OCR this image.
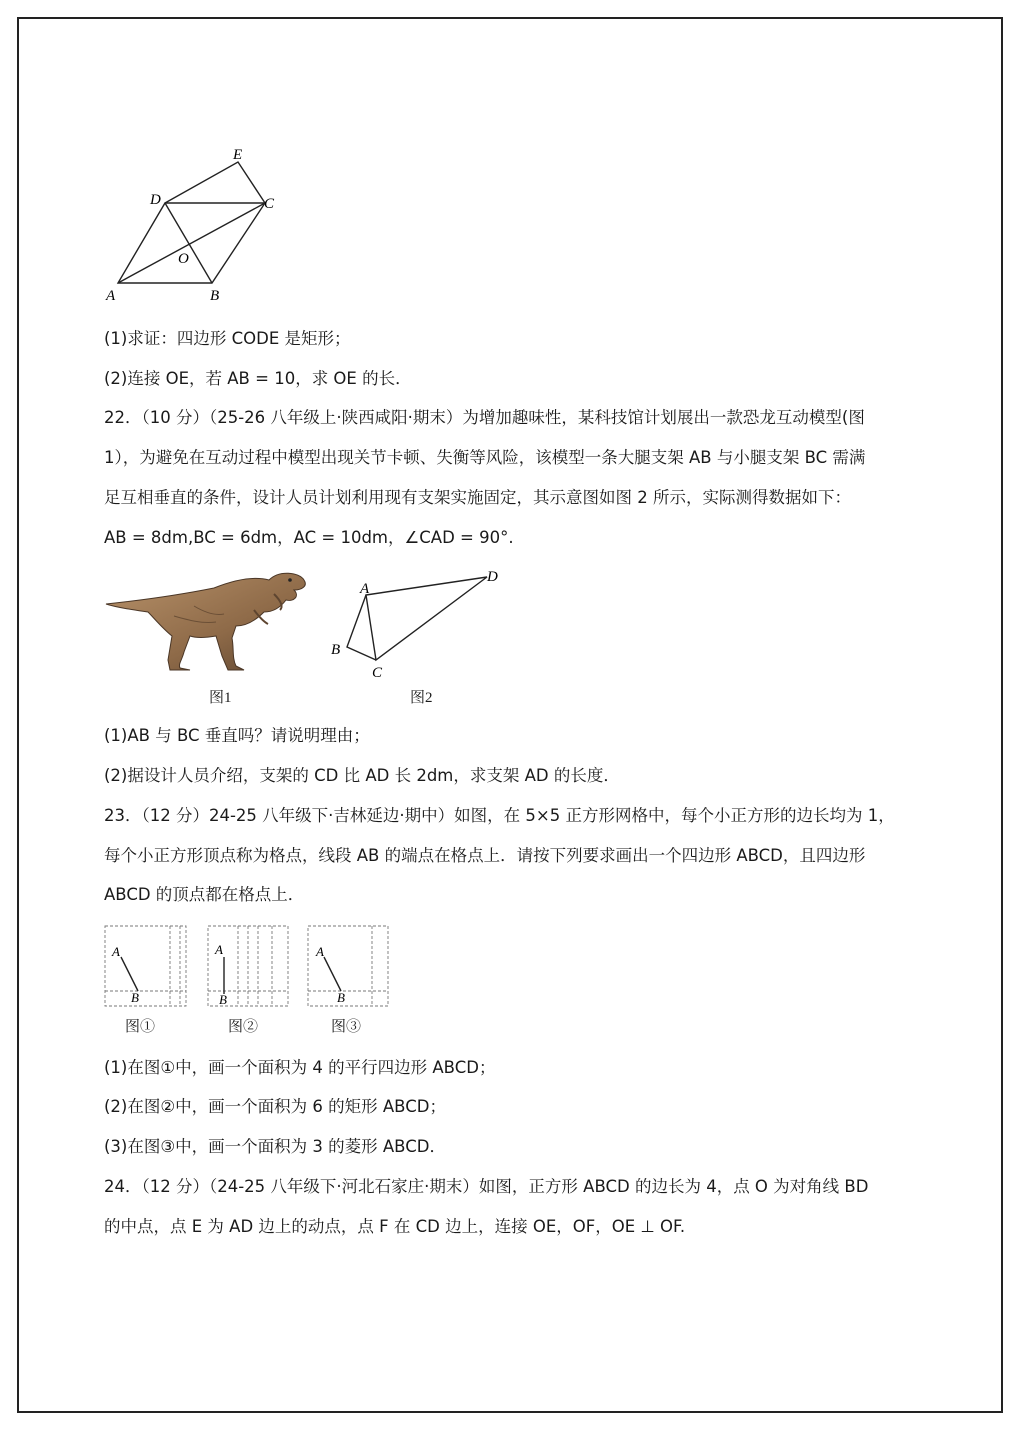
E
D	C
O
A	B
(1)求证：四边形 CODE 是矩形；
(2)连接 OE，若 AB = 10，求 OE 的长．
22．（10 分）（25-26 八年级上·陕西咸阳·期末）为增加趣味性，某科技馆计划展出一款恐龙互动模型(图
1），为避免在互动过程中模型出现关节卡顿、失衡等风险，该模型一条大腿支架 AB 与小腿支架 BC 需满
足互相垂直的条件，设计人员计划利用现有支架实施固定，其示意图如图 2 所示，实际测得数据如下：
AB = 8dm,BC = 6dm，AC = 10dm，∠CAD = 90°.
图1
A
D
B
C
图2
(1)AB 与 BC 垂直吗？请说明理由；
(2)据设计人员介绍，支架的 CD 比 AD 长 2dm，求支架 AD 的长度．
23．（12 分）24-25 八年级下·吉林延边·期中）如图，在 5×5 正方形网格中，每个小正方形的边长均为 1，
每个小正方形顶点称为格点，线段 AB 的端点在格点上．请按下列要求画出一个四边形 ABCD，且四边形
ABCD 的顶点都在格点上．
A
B
图①
A
B
图②
A
B
图③
(1)在图①中，画一个面积为 4 的平行四边形 ABCD；
(2)在图②中，画一个面积为 6 的矩形 ABCD；
(3)在图③中，画一个面积为 3 的菱形 ABCD．
24．（12 分）（24-25 八年级下·河北石家庄·期末）如图，正方形 ABCD 的边长为 4，点 O 为对角线 BD
的中点，点 E 为 AD 边上的动点，点 F 在 CD 边上，连接 OE，OF，OE ⊥ OF.
